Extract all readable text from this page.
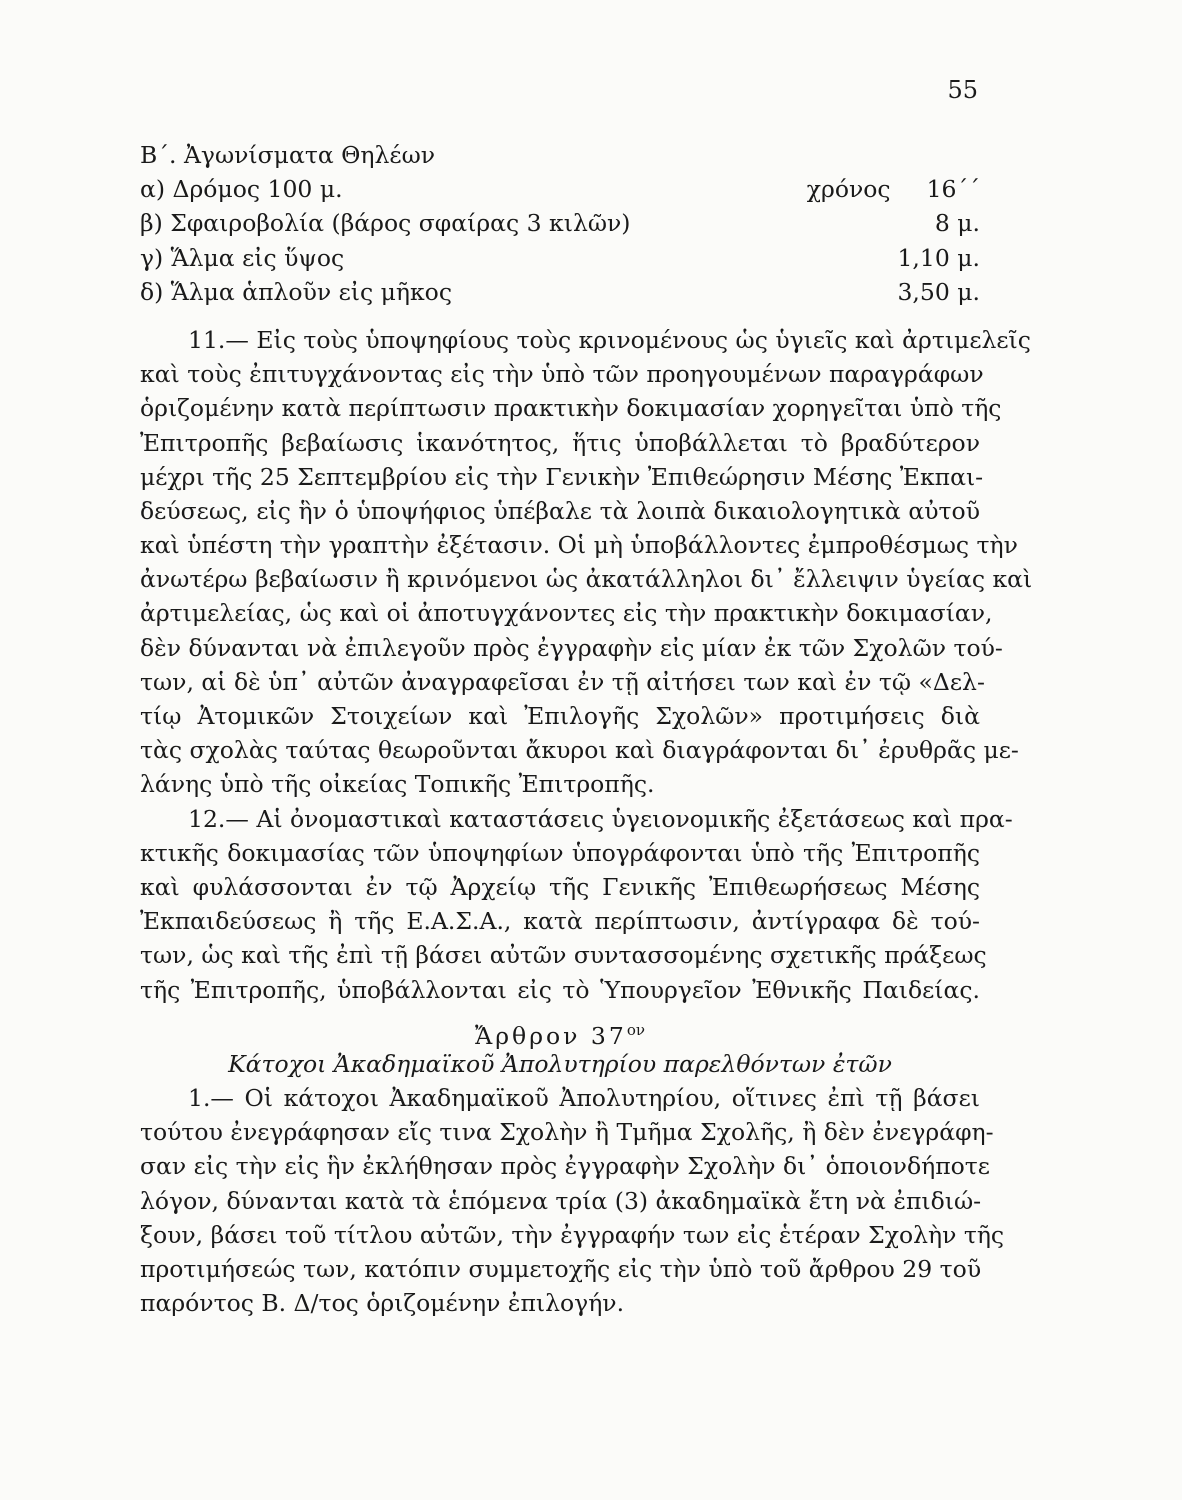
55
Β΄. Ἀγωνίσματα Θηλέων
α) Δρόμος 100 μ.	χρόνος 16΄΄
β) Σφαιροβολία (βάρος σφαίρας 3 κιλῶν)	8 μ.
γ) Ἅλμα εἰς ὕψος	1,10 μ.
δ) Ἅλμα ἁπλοῦν εἰς μῆκος	3,50 μ.
11.— Εἰς τοὺς ὑποψηφίους τοὺς κρινομένους ὡς ὑγιεῖς καὶ ἀρτιμελεῖς
καὶ τοὺς ἐπιτυγχάνοντας εἰς τὴν ὑπὸ τῶν προηγουμένων παραγράφων
ὁριζομένην κατὰ περίπτωσιν πρακτικὴν δοκιμασίαν χορηγεῖται ὑπὸ τῆς
Ἐπιτροπῆς βεβαίωσις ἱκανότητος, ἥτις ὑποβάλλεται τὸ βραδύτερον
μέχρι τῆς 25 Σεπτεμβρίου εἰς τὴν Γενικὴν Ἐπιθεώρησιν Μέσης Ἐκπαι-
δεύσεως, εἰς ἣν ὁ ὑποψήφιος ὑπέβαλε τὰ λοιπὰ δικαιολογητικὰ αὐτοῦ
καὶ ὑπέστη τὴν γραπτὴν ἐξέτασιν. Οἱ μὴ ὑποβάλλοντες ἐμπροθέσμως τὴν
ἀνωτέρω βεβαίωσιν ἢ κρινόμενοι ὡς ἀκατάλληλοι δι᾽ ἔλλειψιν ὑγείας καὶ
ἀρτιμελείας, ὡς καὶ οἱ ἀποτυγχάνοντες εἰς τὴν πρακτικὴν δοκιμασίαν,
δὲν δύνανται νὰ ἐπιλεγοῦν πρὸς ἐγγραφὴν εἰς μίαν ἐκ τῶν Σχολῶν τού-
των, αἱ δὲ ὑπ᾽ αὐτῶν ἀναγραφεῖσαι ἐν τῇ αἰτήσει των καὶ ἐν τῷ «Δελ-
τίῳ Ἀτομικῶν Στοιχείων καὶ Ἐπιλογῆς Σχολῶν» προτιμήσεις διὰ
τὰς σχολὰς ταύτας θεωροῦνται ἄκυροι καὶ διαγράφονται δι᾽ ἐρυθρᾶς με-
λάνης ὑπὸ τῆς οἰκείας Τοπικῆς Ἐπιτροπῆς.
12.— Αἱ ὀνομαστικαὶ καταστάσεις ὑγειονομικῆς ἐξετάσεως καὶ πρα-
κτικῆς δοκιμασίας τῶν ὑποψηφίων ὑπογράφονται ὑπὸ τῆς Ἐπιτροπῆς
καὶ φυλάσσονται ἐν τῷ Ἀρχείῳ τῆς Γενικῆς Ἐπιθεωρήσεως Μέσης
Ἐκπαιδεύσεως ἢ τῆς Ε.Α.Σ.Α., κατὰ περίπτωσιν, ἀντίγραφα δὲ τού-
των, ὡς καὶ τῆς ἐπὶ τῇ βάσει αὐτῶν συντασσομένης σχετικῆς πράξεως
τῆς Ἐπιτροπῆς, ὑποβάλλονται εἰς τὸ Ὑπουργεῖον Ἐθνικῆς Παιδείας.
Ἄρθρον $37^{o\nu}$
Κάτοχοι Ἀκαδημαϊκοῦ Ἀπολυτηρίου παρελθόντων ἐτῶν
1.— Οἱ κάτοχοι Ἀκαδημαϊκοῦ Ἀπολυτηρίου, οἵτινες ἐπὶ τῇ βάσει
τούτου ἐνεγράφησαν εἴς τινα Σχολὴν ἢ Τμῆμα Σχολῆς, ἢ δὲν ἐνεγράφη-
σαν εἰς τὴν εἰς ἣν ἐκλήθησαν πρὸς ἐγγραφὴν Σχολὴν δι᾽ ὁποιονδήποτε
λόγον, δύνανται κατὰ τὰ ἑπόμενα τρία (3) ἀκαδημαϊκὰ ἔτη νὰ ἐπιδιώ-
ξουν, βάσει τοῦ τίτλου αὐτῶν, τὴν ἐγγραφήν των εἰς ἑτέραν Σχολὴν τῆς
προτιμήσεώς των, κατόπιν συμμετοχῆς εἰς τὴν ὑπὸ τοῦ ἄρθρου 29 τοῦ
παρόντος Β. Δ/τος ὁριζομένην ἐπιλογήν.
